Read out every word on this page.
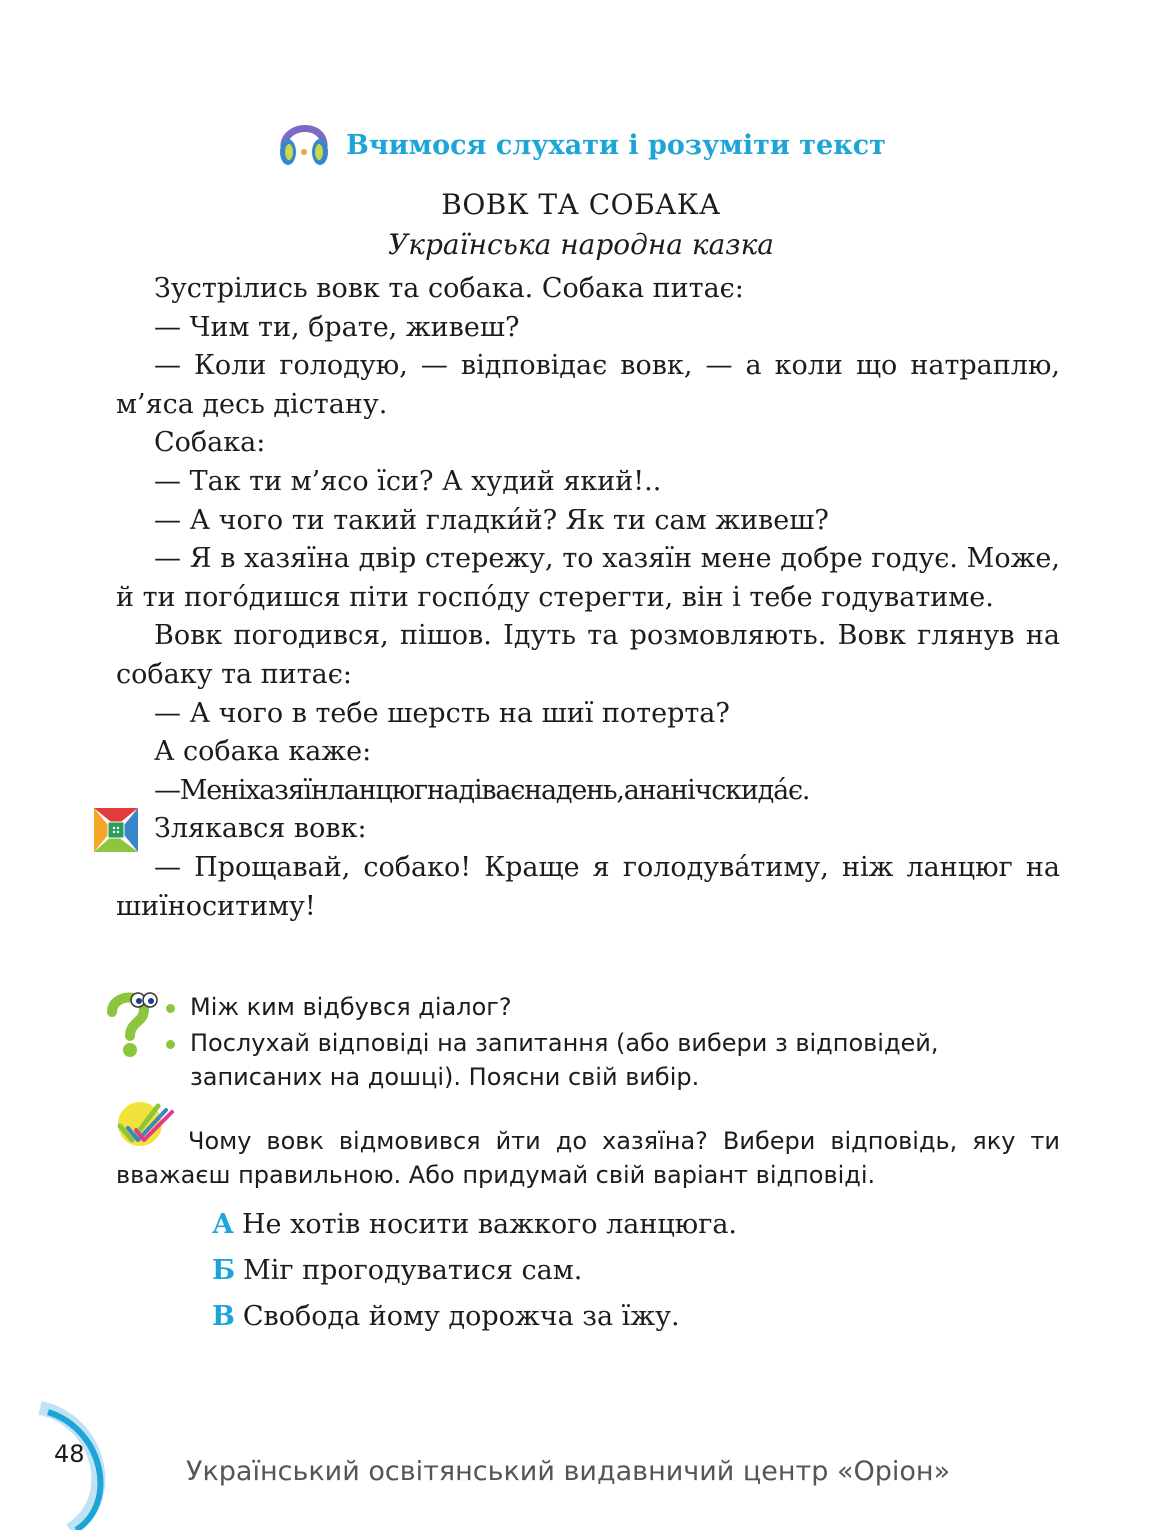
Вчимося слухати і розуміти текст
ВОВК ТА СОБАКА
Українська народна казка

Зустрілись вовк та собака. Собака питає:

— Чим ти, брате, живеш?

— Коли голодую, — відповідає вовк, — а коли що натраплю, м’яса десь дістану.

Собака:

— Так ти м’ясо їси? А худий який!..

— А чого ти такий гладки́й? Як ти сам живеш?

— Я в хазяїна двір стережу, то хазяїн мене добре годує. Може, й ти пого́дишся піти госпо́ду стерегти, він і тебе годуватиме.

Вовк погодився, пішов. Ідуть та розмовляють. Вовк глянув на собаку та питає:

— А чого в тебе шерсть на шиї потерта?

А собака каже:

—Меніхазяїнланцюгнадіваєнадень,ананічскида́є.

Злякався вовк:

— Прощавай, собако! Краще я голодува́тиму, ніж ланцюг на шиїноситиму!

Між ким відбувся діалог?
Послухай відповіді на запитання (або вибери з відповідей, записаних на дошці). Поясни свій вибір.

Чому вовк відмовився йти до хазяїна? Вибери відповідь, яку ти вважаєш правильною. Або придумай свій варіант відповіді.

А Не хотів носити важкого ланцюга.
Б Міг прогодуватися сам.
В Свобода йому дорожча за їжу.
48
Український освітянський видавничий центр «Оріон»
